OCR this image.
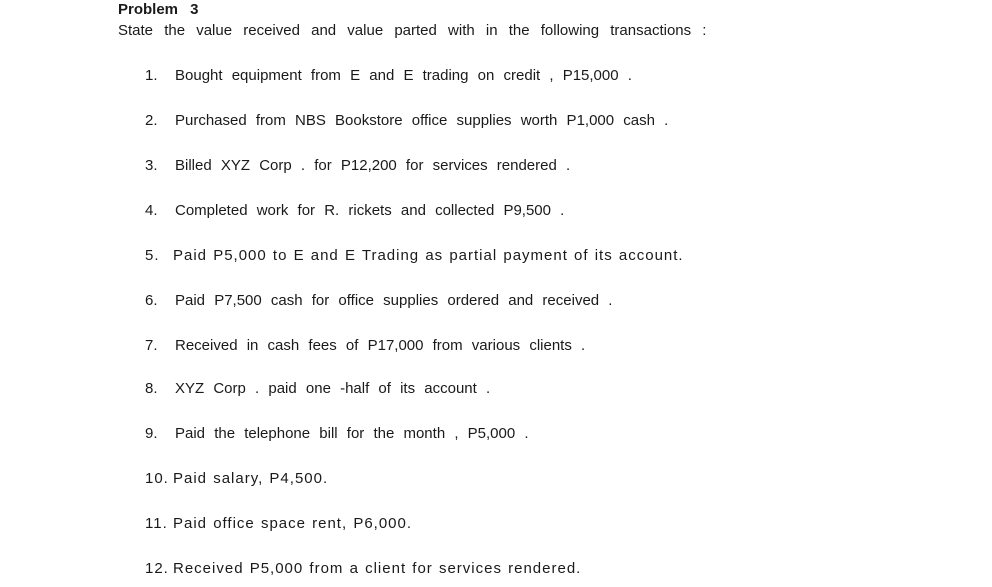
Problem 3
State the value received and value parted with in the following transactions :
1. Bought equipment from E and E trading on credit , P15,000 .
2. Purchased from NBS Bookstore office supplies worth P1,000 cash .
3. Billed XYZ Corp . for P12,200 for services rendered .
4. Completed work for R. rickets and collected P9,500 .
5. Paid P5,000 to E and E Trading as partial payment of its account.
6. Paid P7,500 cash for office supplies ordered and received .
7. Received in cash fees of P17,000 from various clients .
8. XYZ Corp . paid one -half of its account .
9. Paid the telephone bill for the month , P5,000 .
10. Paid salary, P4,500.
11. Paid office space rent, P6,000.
12. Received P5,000 from a client for services rendered.
